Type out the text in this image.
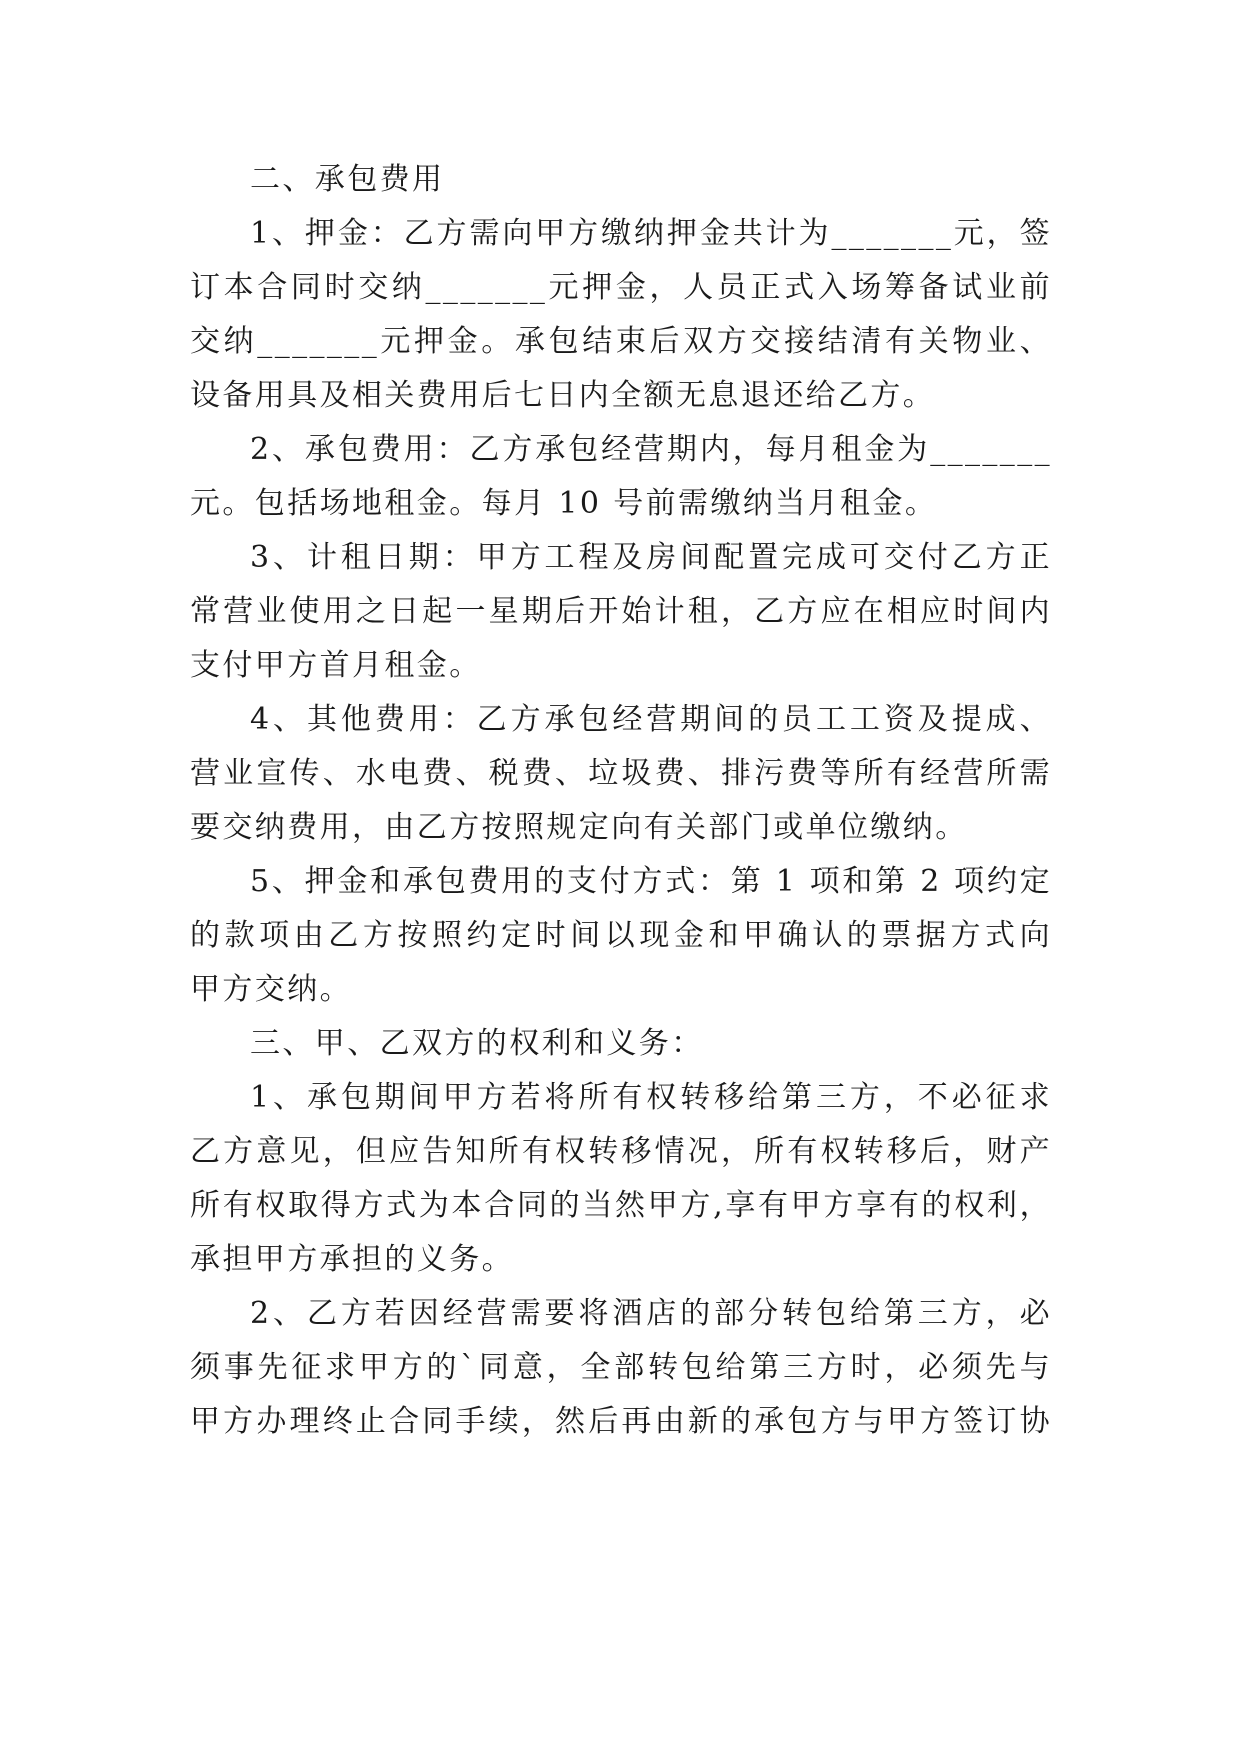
二、承包费用
1、押金：乙方需向甲方缴纳押金共计为_______元，签
订本合同时交纳_______元押金，人员正式入场筹备试业前
交纳_______元押金。承包结束后双方交接结清有关物业、
设备用具及相关费用后七日内全额无息退还给乙方。
2、承包费用：乙方承包经营期内，每月租金为_______
元。包括场地租金。每月 10 号前需缴纳当月租金。
3、计租日期：甲方工程及房间配置完成可交付乙方正
常营业使用之日起一星期后开始计租，乙方应在相应时间内
支付甲方首月租金。
4、其他费用：乙方承包经营期间的员工工资及提成、
营业宣传、水电费、税费、垃圾费、排污费等所有经营所需
要交纳费用，由乙方按照规定向有关部门或单位缴纳。
5、押金和承包费用的支付方式：第 1 项和第 2 项约定
的款项由乙方按照约定时间以现金和甲确认的票据方式向
甲方交纳。
三、甲、乙双方的权利和义务：
1、承包期间甲方若将所有权转移给第三方，不必征求
乙方意见，但应告知所有权转移情况，所有权转移后，财产
所有权取得方式为本合同的当然甲方,享有甲方享有的权利，
承担甲方承担的义务。
2、乙方若因经营需要将酒店的部分转包给第三方，必
须事先征求甲方的`同意，全部转包给第三方时，必须先与
甲方办理终止合同手续，然后再由新的承包方与甲方签订协
